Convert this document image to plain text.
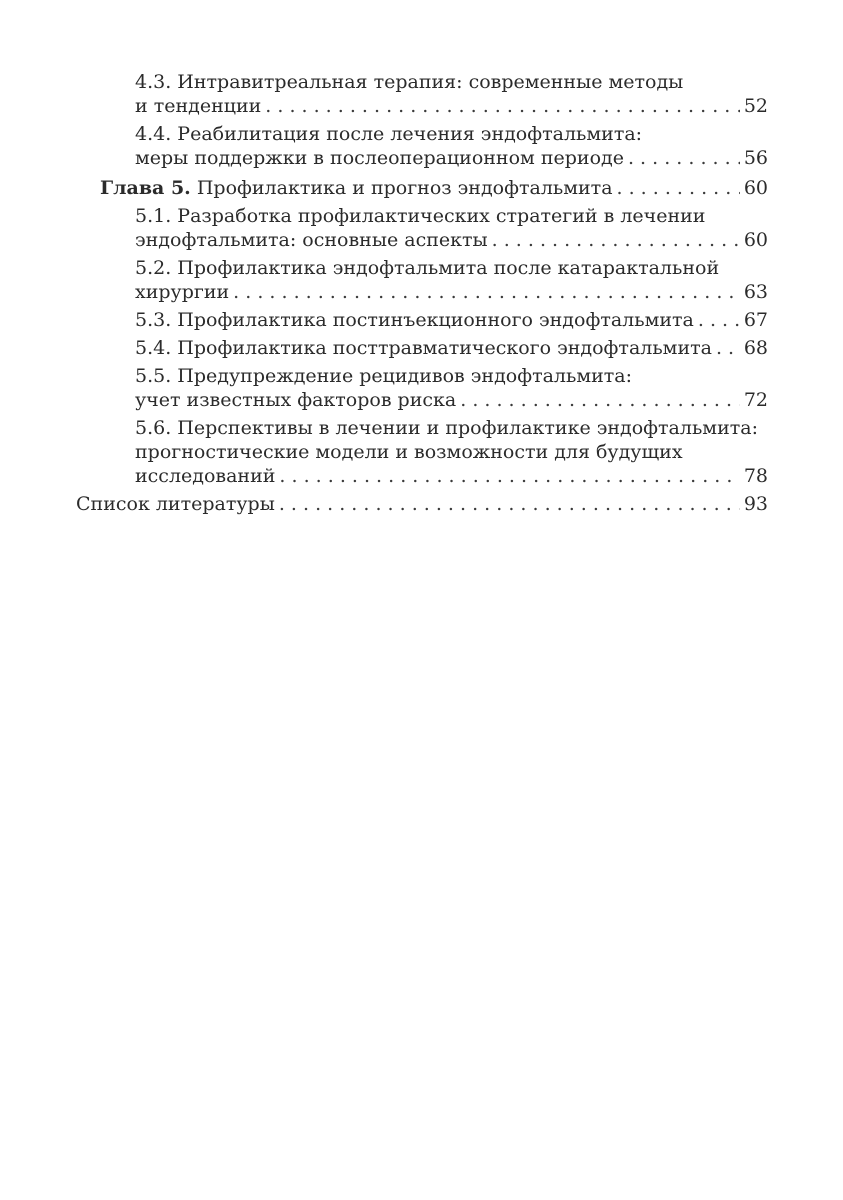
4.3. Интравитреальная терапия: современные методы
и тенденции . . .	52
4.4. Реабилитация после лечения эндофтальмита:
меры поддержки в послеоперационном периоде . . .	56
Глава 5. Профилактика и прогноз эндофтальмита . . .	60
5.1. Разработка профилактических стратегий в лечении
эндофтальмита: основные аспекты . . .	60
5.2. Профилактика эндофтальмита после катарактальной
хирургии . . .	63
5.3. Профилактика постинъекционного эндофтальмита . . .	67
5.4. Профилактика посттравматического эндофтальмита . . . 68
5.5. Предупреждение рецидивов эндофтальмита:
учет известных факторов риска . . .	72
5.6. Перспективы в лечении и профилактике эндофтальмита:
прогностические модели и возможности для будущих
исследований . . .	78
Список литературы . . .	93
